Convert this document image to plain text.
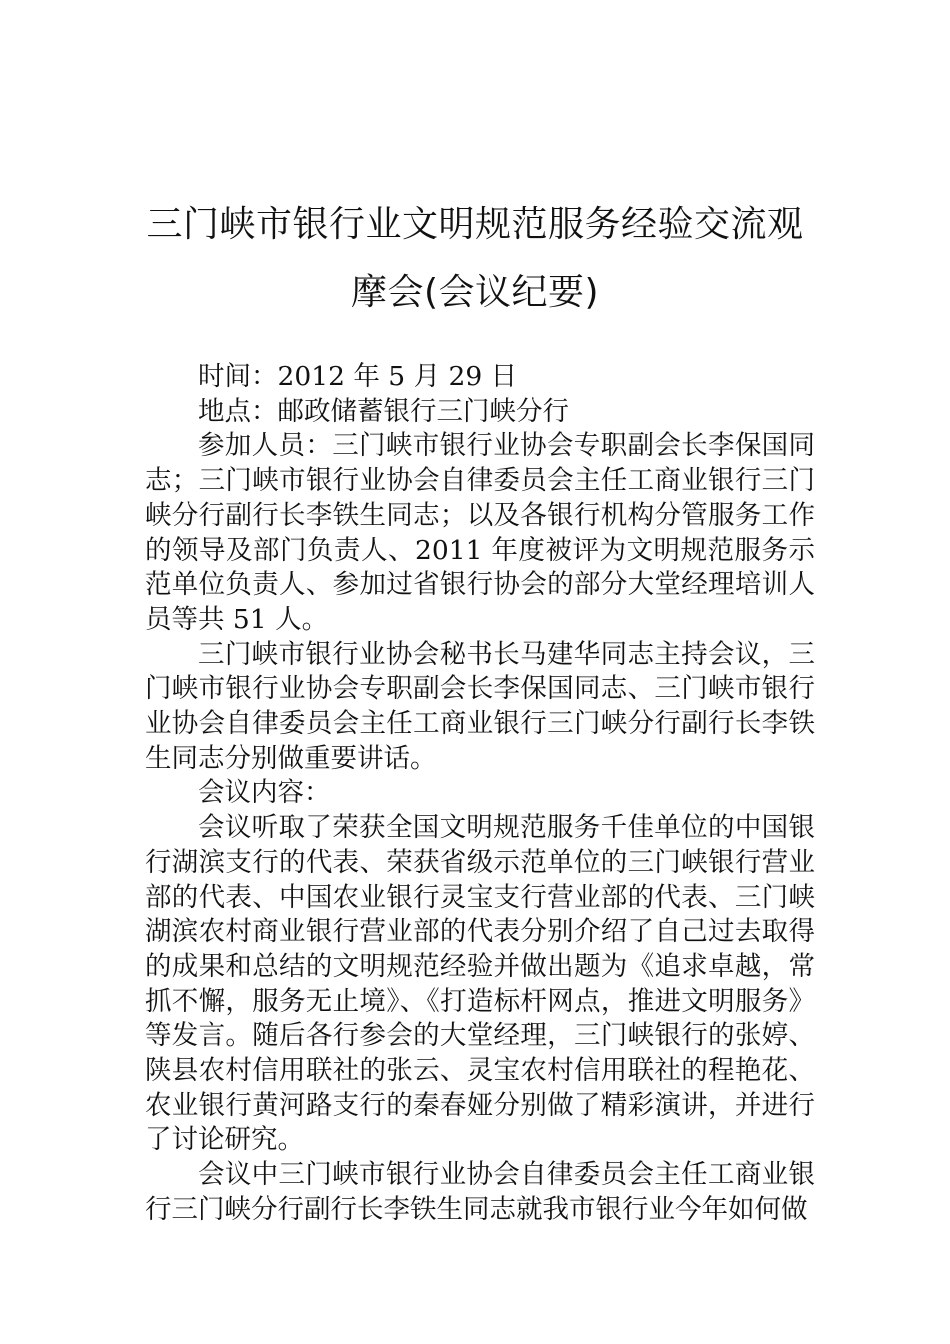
三门峡市银行业文明规范服务经验交流观
摩会(会议纪要)

时间：2012 年 5 月 29 日

地点：邮政储蓄银行三门峡分行

参加人员：三门峡市银行业协会专职副会长李保国同志；三门峡市银行业协会自律委员会主任工商业银行三门峡分行副行长李铁生同志；以及各银行机构分管服务工作的领导及部门负责人、2011 年度被评为文明规范服务示范单位负责人、参加过省银行协会的部分大堂经理培训人员等共 51 人。

三门峡市银行业协会秘书长马建华同志主持会议，三门峡市银行业协会专职副会长李保国同志、三门峡市银行业协会自律委员会主任工商业银行三门峡分行副行长李铁生同志分别做重要讲话。

会议内容：

会议听取了荣获全国文明规范服务千佳单位的中国银行湖滨支行的代表、荣获省级示范单位的三门峡银行营业部的代表、中国农业银行灵宝支行营业部的代表、三门峡湖滨农村商业银行营业部的代表分别介绍了自己过去取得的成果和总结的文明规范经验并做出题为《追求卓越，常抓不懈，服务无止境》、《打造标杆网点，推进文明服务》等发言。随后各行参会的大堂经理，三门峡银行的张婷、陕县农村信用联社的张云、灵宝农村信用联社的程艳花、农业银行黄河路支行的秦春娅分别做了精彩演讲，并进行了讨论研究。

会议中三门峡市银行业协会自律委员会主任工商业银行三门峡分行副行长李铁生同志就我市银行业今年如何做
